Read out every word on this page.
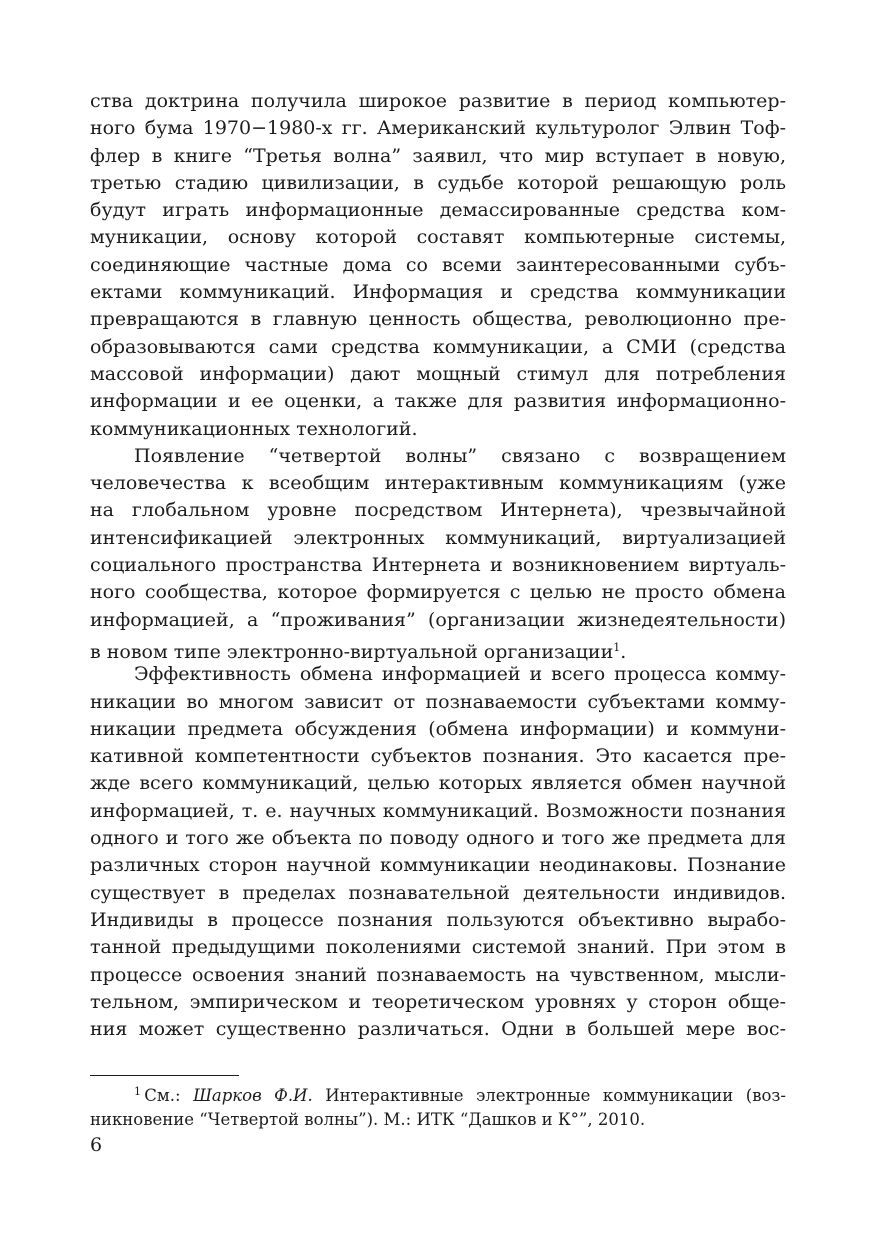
ства доктрина получила широкое развитие в период компьютер-
ного бума 1970−1980-х гг. Американский культуролог Элвин Тоф-
флер в книге “Третья волна” заявил, что мир вступает в новую,
третью стадию цивилизации, в судьбе которой решающую роль
будут играть информационные демассированные средства ком-
муникации, основу которой составят компьютерные системы,
соединяющие частные дома со всеми заинтересованными субъ-
ектами коммуникаций. Информация и средства коммуникации
превращаются в главную ценность общества, революционно пре-
образовываются сами средства коммуникации, а СМИ (средства
массовой информации) дают мощный стимул для потребления
информации и ее оценки, а также для развития информационно-
коммуникационных технологий.
Появление “четвертой волны” связано с возвращением
человечества к всеобщим интерактивным коммуникациям (уже
на глобальном уровне посредством Интернета), чрезвычайной
интенсификацией электронных коммуникаций, виртуализацией
социального пространства Интернета и возникновением виртуаль-
ного сообщества, которое формируется с целью не просто обмена
информацией, а “проживания” (организации жизнедеятельности)
в новом типе электронно-виртуальной организации$^1$.
Эффективность обмена информацией и всего процесса комму-
никации во многом зависит от познаваемости субъектами комму-
никации предмета обсуждения (обмена информации) и коммуни-
кативной компетентности субъектов познания. Это касается пре-
жде всего коммуникаций, целью которых является обмен научной
информацией, т. е. научных коммуникаций. Возможности познания
одного и того же объекта по поводу одного и того же предмета для
различных сторон научной коммуникации неодинаковы. Познание
существует в пределах познавательной деятельности индивидов.
Индивиды в процессе познания пользуются объективно вырабо-
танной предыдущими поколениями системой знаний. При этом в
процессе освоения знаний познаваемость на чувственном, мысли-
тельном, эмпирическом и теоретическом уровнях у сторон обще-
ния может существенно различаться. Одни в большей мере вос-
$^1$  См.: Шарков Ф.И. Интерактивные электронные коммуникации (воз-
никновение “Четвертой волны”). М.: ИТК “Дашков и К°”, 2010.
6
